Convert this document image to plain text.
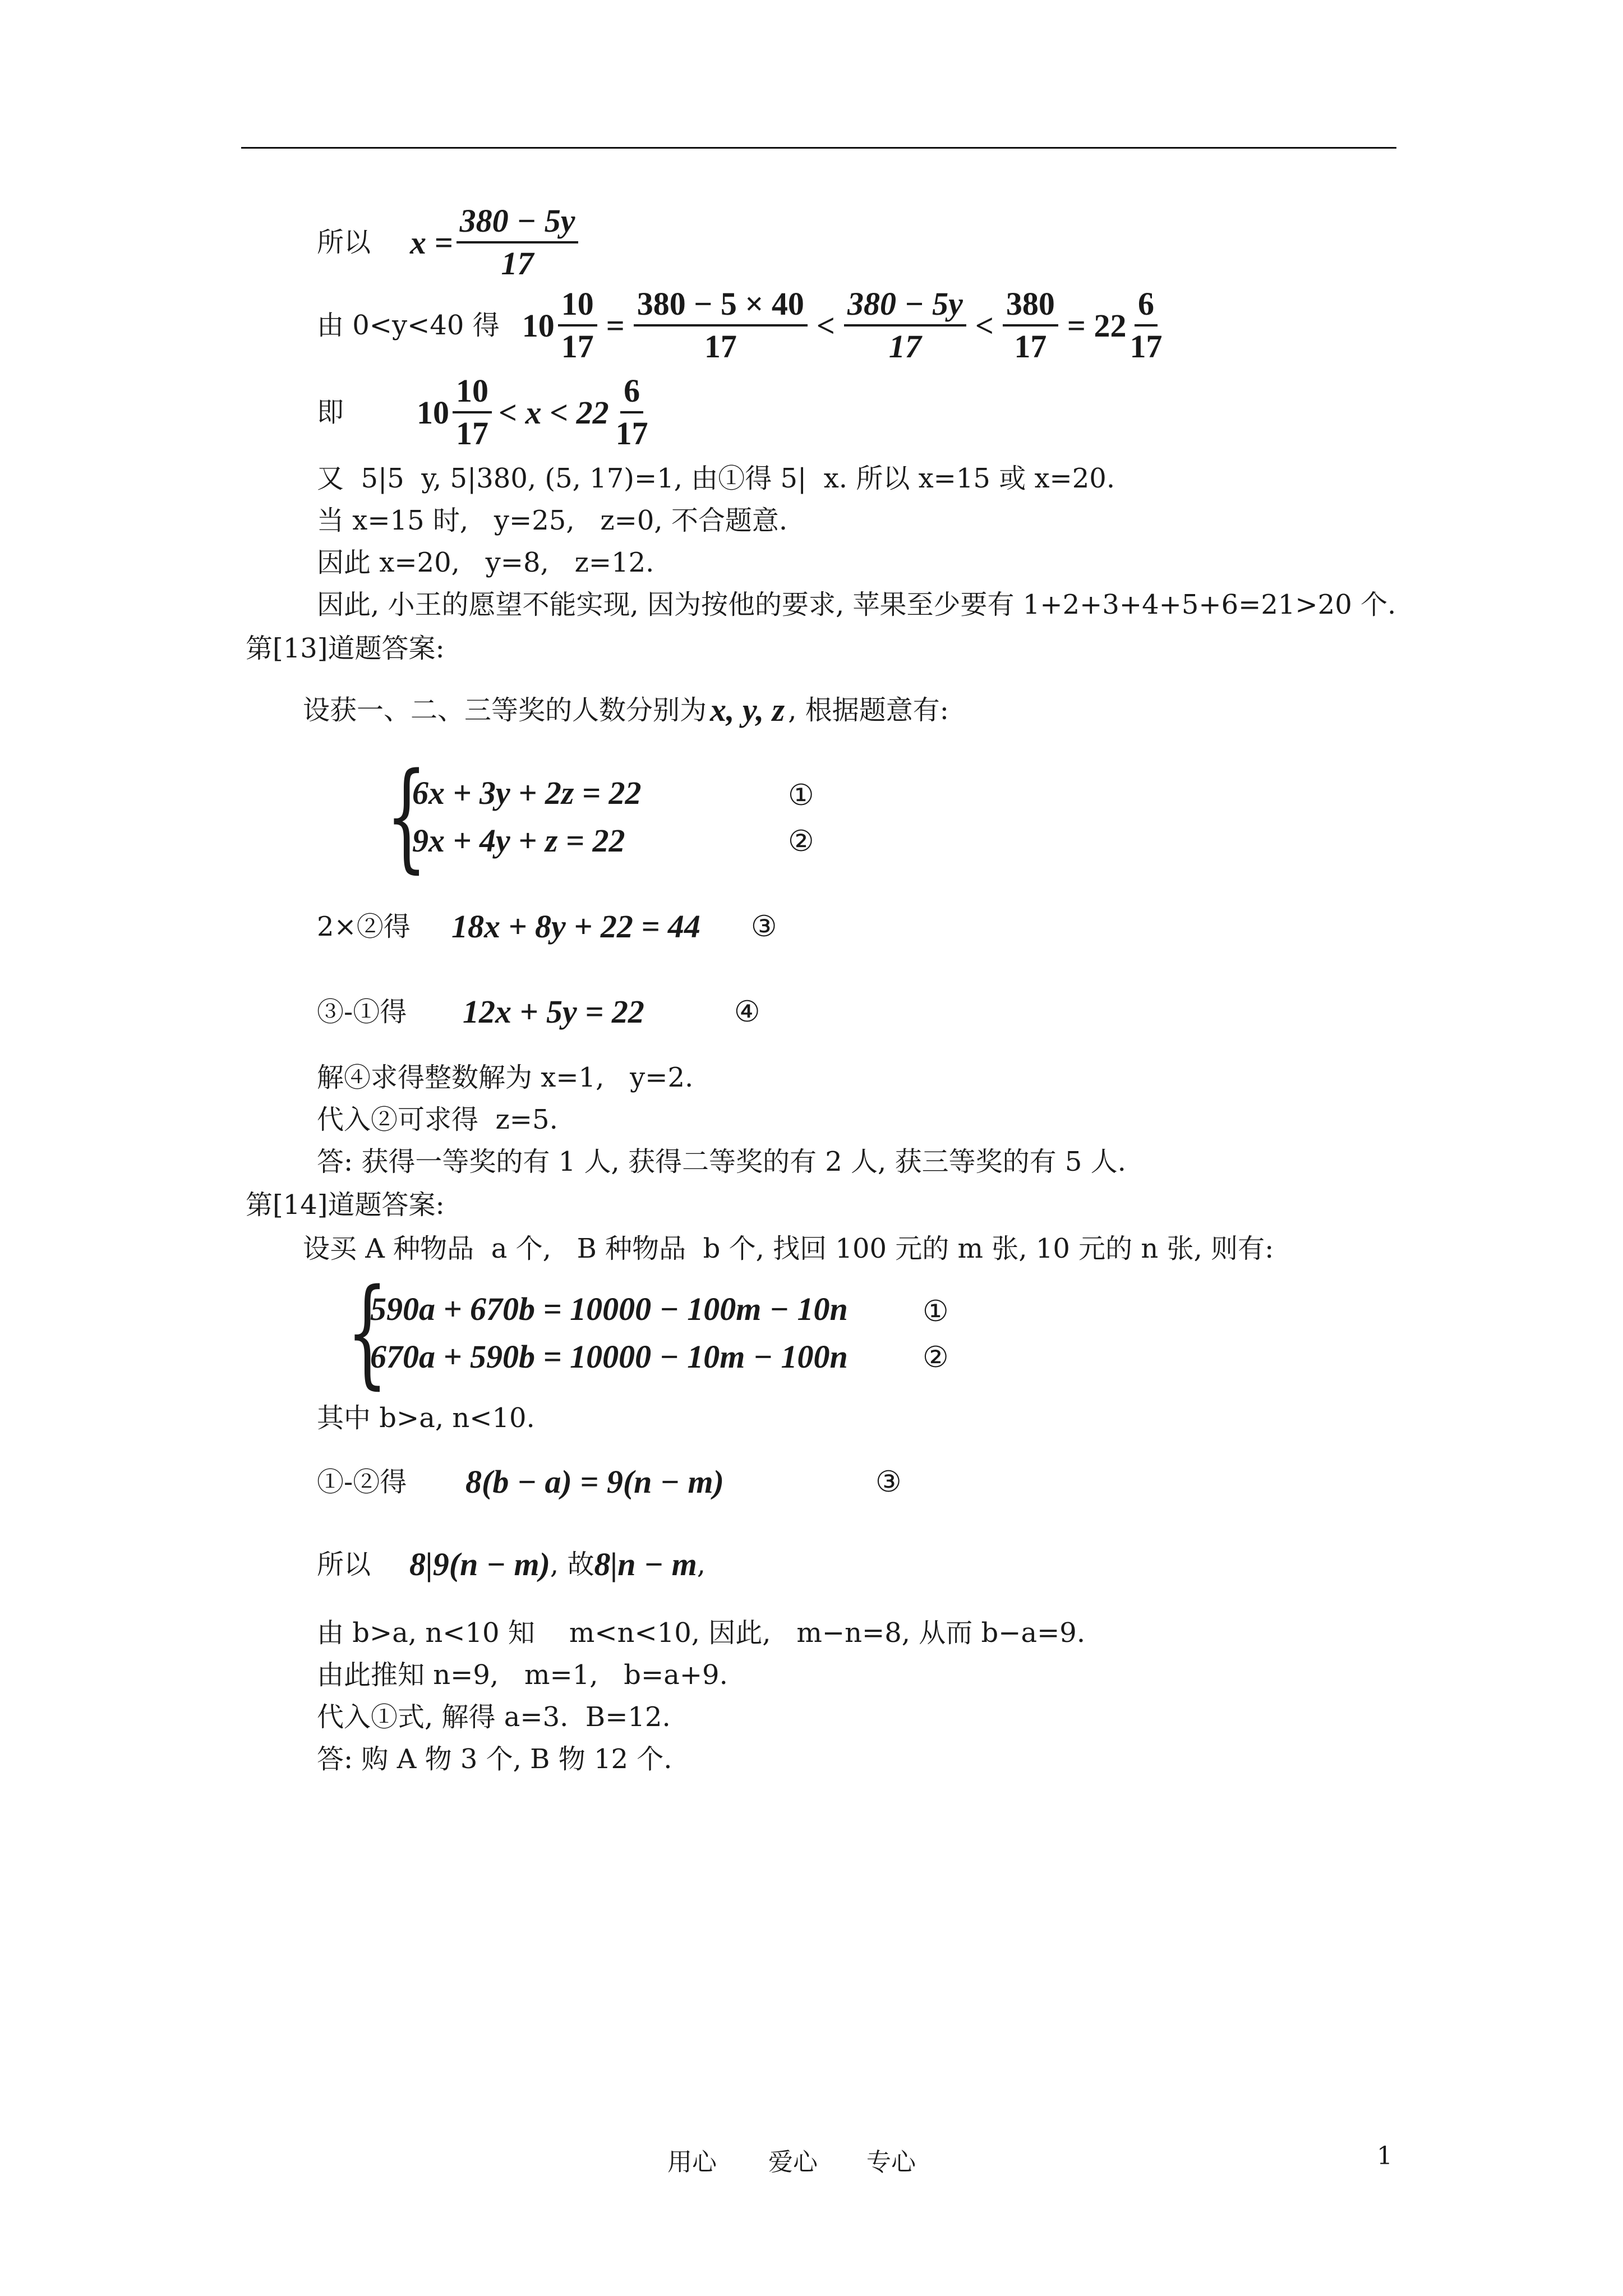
所以 $x = \frac{380 - 5y}{17}$
由 0<y<40 得 $10 \frac{10}{17} = \frac{380 - 5 \times 40}{17} < \frac{380 - 5y}{17} < \frac{380}{17} = 22 \frac{6}{17}$
即 $10 \frac{10}{17} < x < 22 \frac{6}{17}$
又  5|5  y, 5|380, (5, 17)=1, 由①得 5|  x. 所以 x=15 或 x=20.
当 x=15 时,   y=25,   z=0, 不合题意.
因此 x=20,   y=8,   z=12.
因此, 小王的愿望不能实现, 因为按他的要求, 苹果至少要有 1+2+3+4+5+6=21>20 个.
第[13]道题答案:
设获一、二、三等奖的人数分别为 x, y, z , 根据题意有:
{
6x + 3y + 2z = 22
9x + 4y + z = 22
①
②
2×②得	18x + 8y + 22 = 44 ③
③-①得	12x + 5y = 22	④
解④求得整数解为 x=1,   y=2.
代入②可求得  z=5.
答: 获得一等奖的有 1 人, 获得二等奖的有 2 人, 获三等奖的有 5 人.
第[14]道题答案:
设买 A 种物品  a 个,   B 种物品  b 个, 找回 100 元的 m 张, 10 元的 n 张, 则有:
{
590a + 670b = 10000 − 100m − 10n
670a + 590b = 10000 − 10m − 100n
①
②
其中 b>a, n<10.
①-②得	8(b − a) = 9(n − m)	③
所以	8|9(n − m) , 故 8|n − m ,
由 b>a, n<10 知    m<n<10, 因此,   m−n=8, 从而 b−a=9.
由此推知 n=9,   m=1,   b=a+9.
代入①式, 解得 a=3.  B=12.
答: 购 A 物 3 个, B 物 12 个.
用心 爱心 专心	1
